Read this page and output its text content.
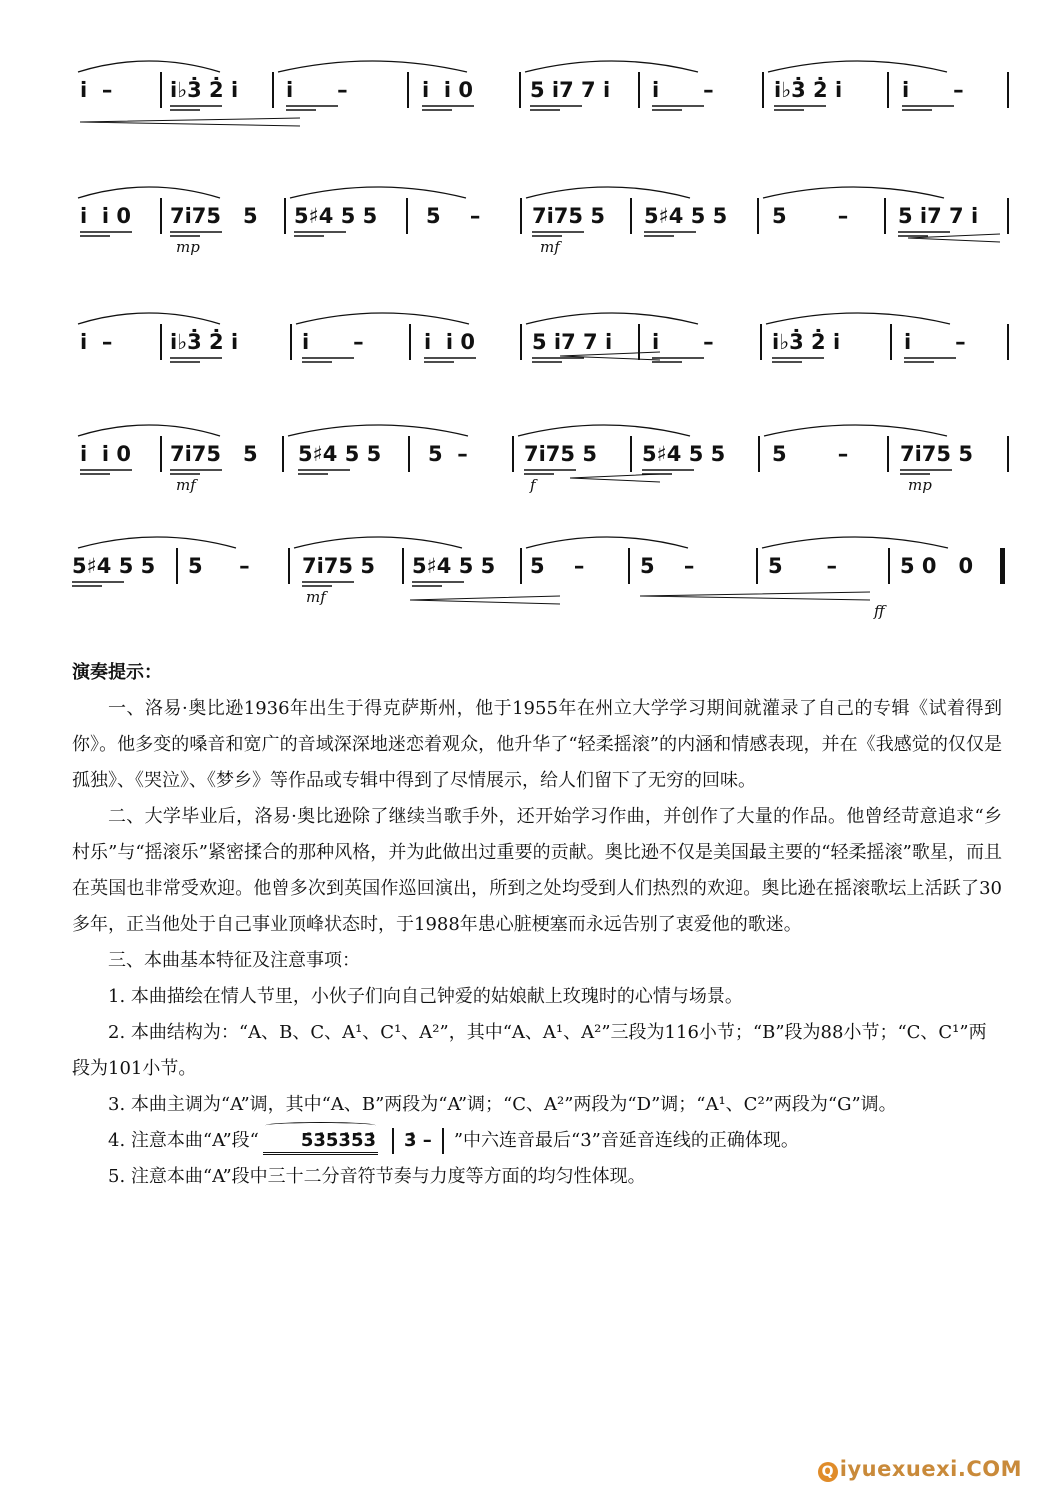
i̇  –	i̇♭3̇ 2̇ i̇ i̇      –	i̇  i̇ 0	5 i̇7 7 i̇ i̇      –	i̇♭3̇ 2̇ i̇	i̇      –
i̇  i̇ 0 7i̇75   5 5♯4 5 5 5    – 7i̇75 5 5♯4 5 5 5       – 5 i̇7 7 i̇
mp	mf
i̇  –	i̇♭3̇ 2̇ i̇	i̇      –	i̇  i̇ 0	5 i̇7 7 i̇ i̇      –	i̇♭3̇ 2̇ i̇	i̇      –
i̇  i̇ 0 7i̇75   5 5♯4 5 5 5  –	7i̇75 5 5♯4 5 5 5       – 7i̇75 5
mf	f	mp
5♯4 5 5 5     – 7i̇75 5 5♯4 5 5 5    –	5    –	5      –	5 0   0
mf
ff

演奏提示：

一、洛易·奥比逊1936年出生于得克萨斯州，他于1955年在州立大学学习期间就灌录了自己的专辑《试着得到你》。他多变的嗓音和宽广的音域深深地迷恋着观众，他升华了“轻柔摇滚”的内涵和情感表现，并在《我感觉的仅仅是孤独》、《哭泣》、《梦乡》等作品或专辑中得到了尽情展示，给人们留下了无穷的回味。

二、大学毕业后，洛易·奥比逊除了继续当歌手外，还开始学习作曲，并创作了大量的作品。他曾经苛意追求“乡村乐”与“摇滚乐”紧密揉合的那种风格，并为此做出过重要的贡献。奥比逊不仅是美国最主要的“轻柔摇滚”歌星，而且在英国也非常受欢迎。他曾多次到英国作巡回演出，所到之处均受到人们热烈的欢迎。奥比逊在摇滚歌坛上活跃了30多年，正当他处于自己事业顶峰状态时，于1988年患心脏梗塞而永远告别了衷爱他的歌迷。

三、本曲基本特征及注意事项：

1. 本曲描绘在情人节里，小伙子们向自己钟爱的姑娘献上玫瑰时的心情与场景。

2. 本曲结构为：“A、B、C、A¹、C¹、A²”，其中“A、A¹、A²”三段为116小节；“B”段为88小节；“C、C¹”两段为101小节。

3. 本曲主调为“A”调，其中“A、B”两段为“A”调；“C、A²”两段为“D”调；“A¹、C²”两段为“G”调。

4. 注意本曲“A”段“ 5̇3̇5̇3̇5̇3̇ 3̇ – ”中六连音最后“3̇”音延音连线的正确体现。

5. 注意本曲“A”段中三十二分音符节奏与力度等方面的均匀性体现。

Q iyuexuexi.COM
